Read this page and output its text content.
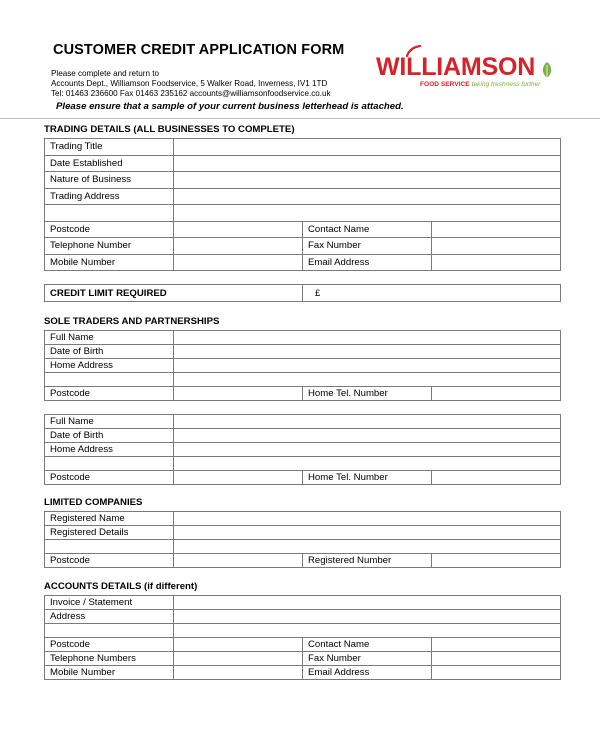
CUSTOMER CREDIT APPLICATION FORM
Please complete and return to
Accounts Dept., Williamson Foodservice, 5 Walker Road, Inverness, IV1 1TD
Tel: 01463 236600 Fax 01463 235162 accounts@williamsonfoodservice.co.uk
WILLIAMSON
FOOD SERVICE taking freshness further
Please ensure that a sample of your current business letterhead is attached.
TRADING DETAILS (ALL BUSINESSES TO COMPLETE)
Trading Title			
Date Established			
Nature of Business			
Trading Address			

Postcode		Contact Name	
Telephone Number		Fax Number	
Mobile Number		Email Address	
CREDIT LIMIT REQUIRED	£
SOLE TRADERS AND PARTNERSHIPS
Full Name			
Date of Birth			
Home Address			

Postcode		Home Tel. Number	
Full Name			
Date of Birth			
Home Address			

Postcode		Home Tel. Number	
LIMITED COMPANIES
Registered Name			
Registered Details			

Postcode		Registered Number	
ACCOUNTS DETAILS (if different)
Invoice / Statement			
Address			

Postcode		Contact Name	
Telephone Numbers		Fax Number	
Mobile Number		Email Address	
